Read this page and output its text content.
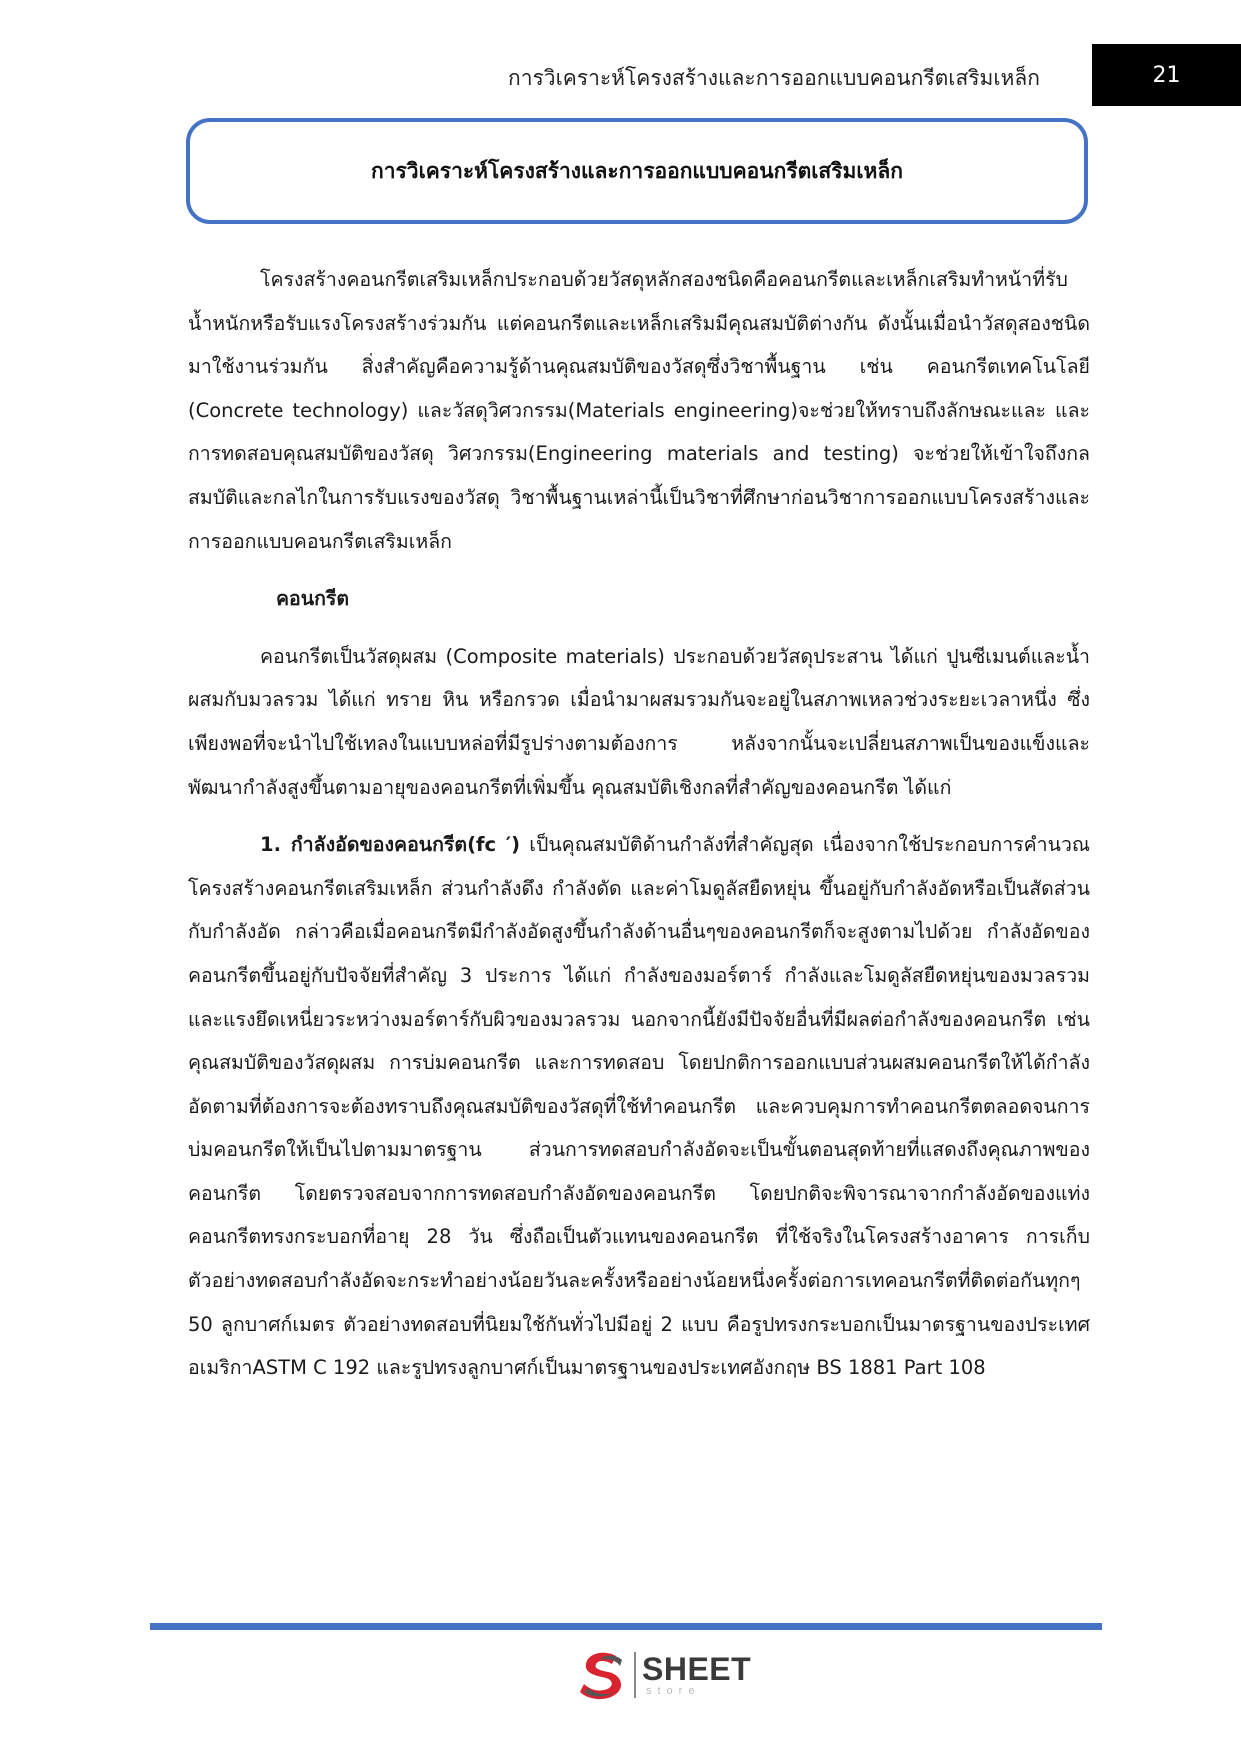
การวิเคราะห์โครงสร้างและการออกแบบคอนกรีตเสริมเหล็ก	21
การวิเคราะห์โครงสร้างและการออกแบบคอนกรีตเสริมเหล็ก

โครงสร้างคอนกรีตเสริมเหล็กประกอบด้วยวัสดุหลักสองชนิดคือคอนกรีตและเหล็กเสริมทำหน้าที่รับน้ำหนักหรือรับแรงโครงสร้างร่วมกัน แต่คอนกรีตและเหล็กเสริมมีคุณสมบัติต่างกัน ดังนั้นเมื่อนำวัสดุสองชนิดมาใช้งานร่วมกัน สิ่งสำคัญคือความรู้ด้านคุณสมบัติของวัสดุซึ่งวิชาพื้นฐาน เช่น คอนกรีตเทคโนโลยี (Concrete technology) และวัสดุวิศวกรรม(Materials engineering)จะช่วยให้ทราบถึงลักษณะและ และการทดสอบคุณสมบัติของวัสดุ วิศวกรรม(Engineering materials and testing) จะช่วยให้เข้าใจถึงกลสมบัติและกลไกในการรับแรงของวัสดุ วิชาพื้นฐานเหล่านี้เป็นวิชาที่ศึกษาก่อนวิชาการออกแบบโครงสร้างและการออกแบบคอนกรีตเสริมเหล็ก

คอนกรีต

คอนกรีตเป็นวัสดุผสม (Composite materials) ประกอบด้วยวัสดุประสาน ได้แก่ ปูนซีเมนต์และน้ำ ผสมกับมวลรวม ได้แก่ ทราย หิน หรือกรวด เมื่อนำมาผสมรวมกันจะอยู่ในสภาพเหลวช่วงระยะเวลาหนึ่ง ซึ่งเพียงพอที่จะนำไปใช้เทลงในแบบหล่อที่มีรูปร่างตามต้องการ หลังจากนั้นจะเปลี่ยนสภาพเป็นของแข็งและพัฒนากำลังสูงขึ้นตามอายุของคอนกรีตที่เพิ่มขึ้น คุณสมบัติเชิงกลที่สำคัญของคอนกรีต ได้แก่

1. กำลังอัดของคอนกรีต(fc ′) เป็นคุณสมบัติด้านกำลังที่สำคัญสุด เนื่องจากใช้ประกอบการคำนวณโครงสร้างคอนกรีตเสริมเหล็ก ส่วนกำลังดึง กำลังดัด และค่าโมดูลัสยืดหยุ่น ขึ้นอยู่กับกำลังอัดหรือเป็นสัดส่วนกับกำลังอัด กล่าวคือเมื่อคอนกรีตมีกำลังอัดสูงขึ้นกำลังด้านอื่นๆของคอนกรีตก็จะสูงตามไปด้วย กำลังอัดของคอนกรีตขึ้นอยู่กับปัจจัยที่สำคัญ 3 ประการ ได้แก่ กำลังของมอร์ตาร์ กำลังและโมดูลัสยืดหยุ่นของมวลรวม และแรงยึดเหนี่ยวระหว่างมอร์ตาร์กับผิวของมวลรวม นอกจากนี้ยังมีปัจจัยอื่นที่มีผลต่อกำลังของคอนกรีต เช่น คุณสมบัติของวัสดุผสม การบ่มคอนกรีต และการทดสอบ โดยปกติการออกแบบส่วนผสมคอนกรีตให้ได้กำลังอัดตามที่ต้องการจะต้องทราบถึงคุณสมบัติของวัสดุที่ใช้ทำคอนกรีต และควบคุมการทำคอนกรีตตลอดจนการบ่มคอนกรีตให้เป็นไปตามมาตรฐาน ส่วนการทดสอบกำลังอัดจะเป็นขั้นตอนสุดท้ายที่แสดงถึงคุณภาพของคอนกรีต โดยตรวจสอบจากการทดสอบกำลังอัดของคอนกรีต โดยปกติจะพิจารณาจากกำลังอัดของแท่งคอนกรีตทรงกระบอกที่อายุ 28 วัน ซึ่งถือเป็นตัวแทนของคอนกรีต ที่ใช้จริงในโครงสร้างอาคาร การเก็บตัวอย่างทดสอบกำลังอัดจะกระทำอย่างน้อยวันละครั้งหรืออย่างน้อยหนึ่งครั้งต่อการเทคอนกรีตที่ติดต่อกันทุกๆ 50 ลูกบาศก์เมตร ตัวอย่างทดสอบที่นิยมใช้กันทั่วไปมีอยู่ 2 แบบ คือรูปทรงกระบอกเป็นมาตรฐานของประเทศอเมริกาASTM C 192 และรูปทรงลูกบาศก์เป็นมาตรฐานของประเทศอังกฤษ BS 1881 Part 108

SHEET
store
